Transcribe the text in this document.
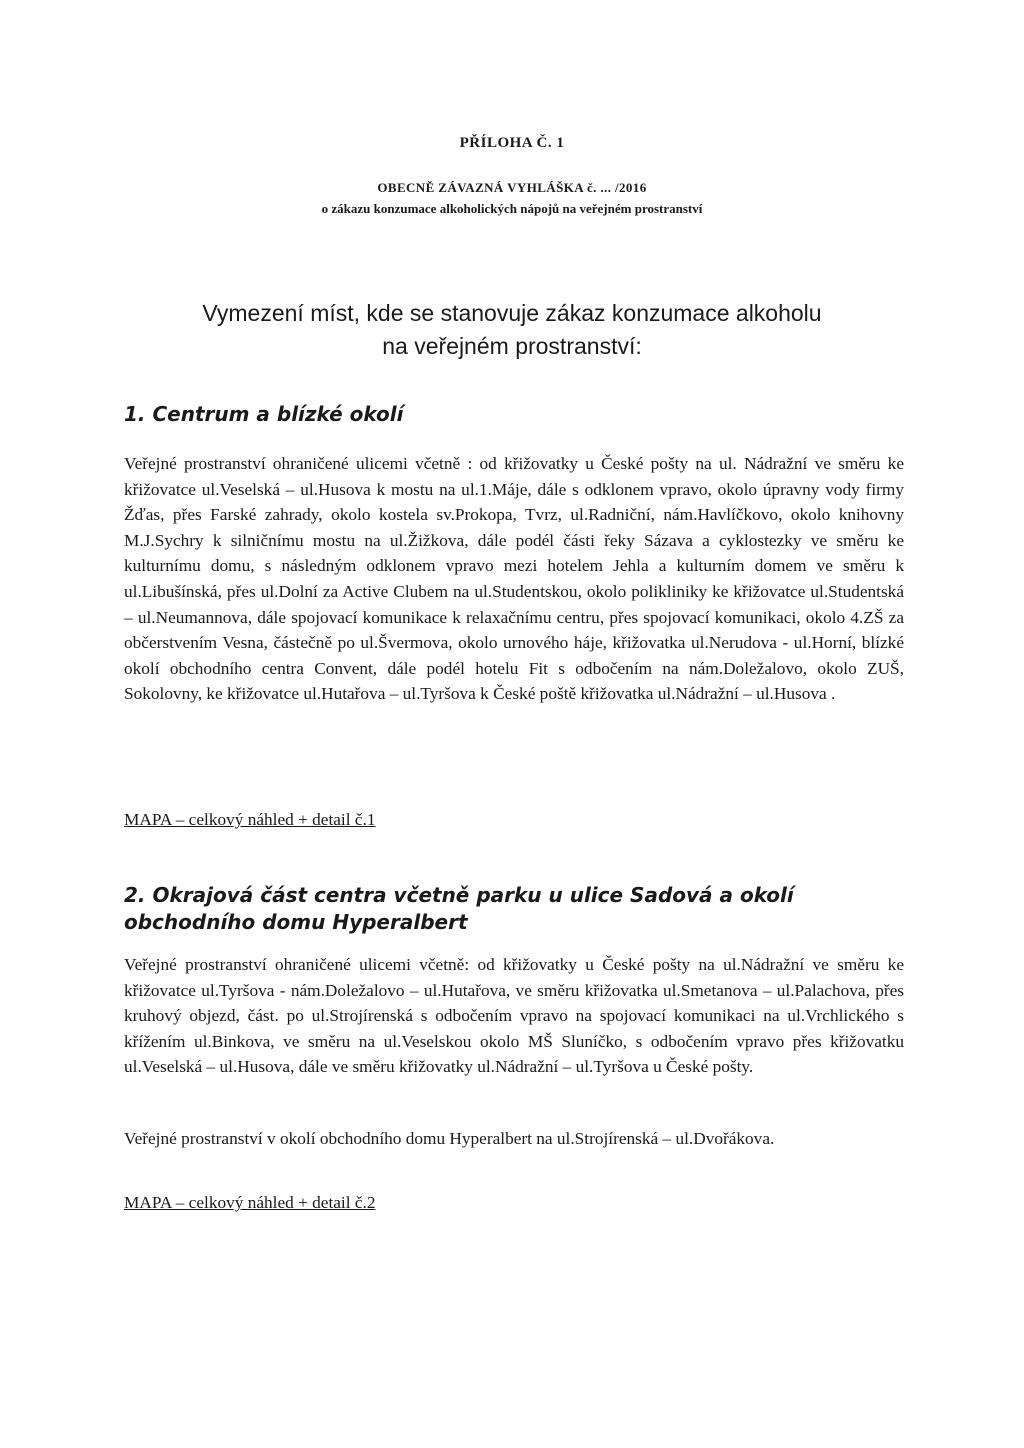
PŘÍLOHA Č. 1
OBECNĚ ZÁVAZNÁ VYHLÁŠKA č. ... /2016
o zákazu konzumace alkoholických nápojů na veřejném prostranství
Vymezení míst, kde se stanovuje zákaz konzumace alkoholu
na veřejném prostranství:
1. Centrum a blízké okolí
Veřejné prostranství ohraničené ulicemi včetně : od křižovatky u České pošty na ul. Nádražní ve směru ke křižovatce ul.Veselská – ul.Husova k mostu na ul.1.Máje, dále s odklonem vpravo, okolo úpravny vody firmy Žďas, přes Farské zahrady, okolo kostela sv.Prokopa, Tvrz, ul.Radniční, nám.Havlíčkovo, okolo knihovny M.J.Sychry k silničnímu mostu na ul.Žižkova, dále podél části řeky Sázava a cyklostezky ve směru ke kulturnímu domu, s následným odklonem vpravo mezi hotelem Jehla a kulturním domem ve směru k ul.Libušínská, přes ul.Dolní za Active Clubem na ul.Studentskou, okolo polikliniky ke křižovatce ul.Studentská – ul.Neumannova, dále spojovací komunikace k relaxačnímu centru, přes spojovací komunikaci, okolo 4.ZŠ za občerstvením Vesna, částečně po ul.Švermova, okolo urnového háje, křižovatka ul.Nerudova - ul.Horní, blízké okolí obchodního centra Convent, dále podél hotelu Fit s odbočením na nám.Doležalovo, okolo ZUŠ, Sokolovny, ke křižovatce ul.Hutařova – ul.Tyršova k České poště křižovatka ul.Nádražní – ul.Husova .
MAPA – celkový náhled + detail č.1
2. Okrajová část centra včetně parku u ulice Sadová a okolí
obchodního domu Hyperalbert
Veřejné prostranství ohraničené ulicemi včetně: od křižovatky u České pošty na ul.Nádražní ve směru ke křižovatce ul.Tyršova - nám.Doležalovo – ul.Hutařova, ve směru křižovatka ul.Smetanova – ul.Palachova, přes kruhový objezd, část. po ul.Strojírenská s odbočením vpravo na spojovací komunikaci na ul.Vrchlického s křížením ul.Binkova, ve směru na ul.Veselskou okolo MŠ Sluníčko, s odbočením vpravo přes křižovatku ul.Veselská – ul.Husova, dále ve směru křižovatky ul.Nádražní – ul.Tyršova u České pošty.
Veřejné prostranství v okolí obchodního domu Hyperalbert na ul.Strojírenská – ul.Dvořákova.
MAPA – celkový náhled + detail č.2
